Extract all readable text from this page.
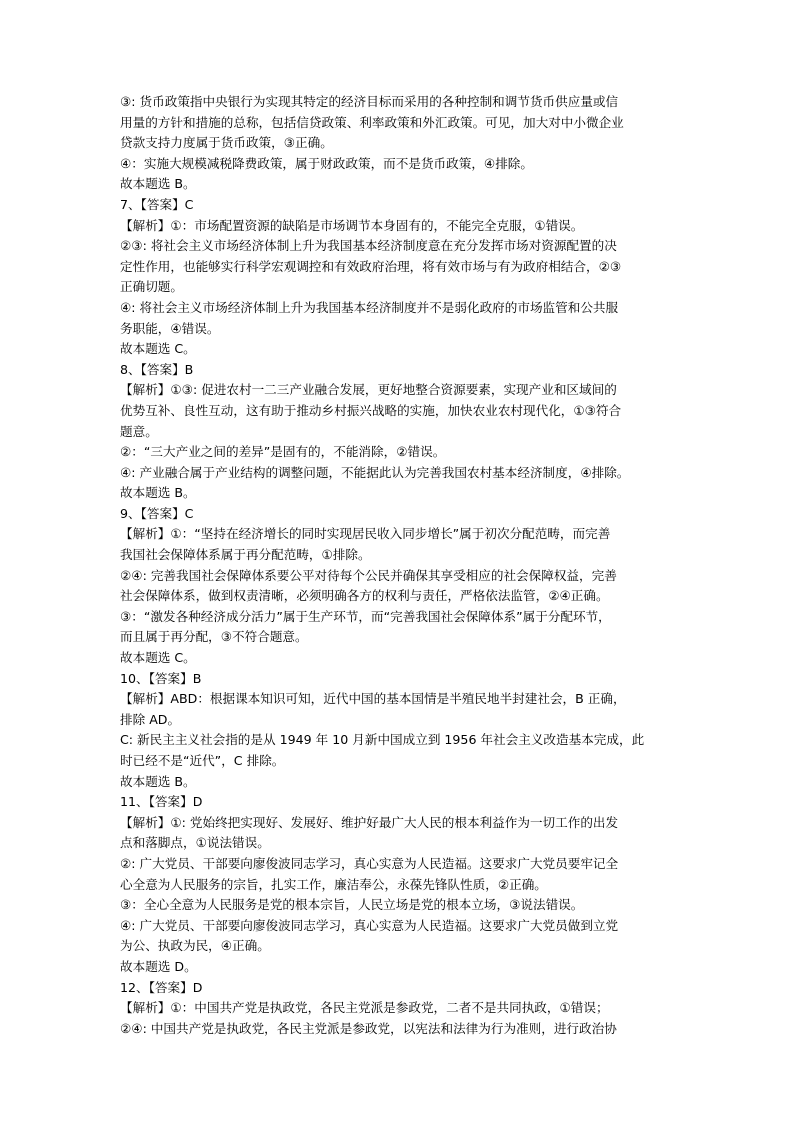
③: 货币政策指中央银行为实现其特定的经济目标而采用的各种控制和调节货币供应量或信
用量的方针和措施的总称，包括信贷政策、利率政策和外汇政策。可见，加大对中小微企业
贷款支持力度属于货币政策，③正确。
④：实施大规模减税降费政策，属于财政政策，而不是货币政策，④排除。
故本题选 B。
7、【答案】C
【解析】①：市场配置资源的缺陷是市场调节本身固有的，不能完全克服，①错误。
②③: 将社会主义市场经济体制上升为我国基本经济制度意在充分发挥市场对资源配置的决
定性作用，也能够实行科学宏观调控和有效政府治理，将有效市场与有为政府相结合，②③
正确切题。
④: 将社会主义市场经济体制上升为我国基本经济制度并不是弱化政府的市场监管和公共服
务职能，④错误。
故本题选 C。
8、【答案】B
【解析】①③: 促进农村一二三产业融合发展，更好地整合资源要素，实现产业和区域间的
优势互补、良性互动，这有助于推动乡村振兴战略的实施，加快农业农村现代化，①③符合
题意。
②：“三大产业之间的差异”是固有的，不能消除，②错误。
④: 产业融合属于产业结构的调整问题，不能据此认为完善我国农村基本经济制度，④排除。
故本题选 B。
9、【答案】C
【解析】①：“坚持在经济增长的同时实现居民收入同步增长”属于初次分配范畴，而完善
我国社会保障体系属于再分配范畴，①排除。
②④: 完善我国社会保障体系要公平对待每个公民并确保其享受相应的社会保障权益，完善
社会保障体系，做到权责清晰，必须明确各方的权利与责任，严格依法监管，②④正确。
③：“激发各种经济成分活力”属于生产环节，而“完善我国社会保障体系”属于分配环节，
而且属于再分配，③不符合题意。
故本题选 C。
10、【答案】B
【解析】ABD：根据课本知识可知，近代中国的基本国情是半殖民地半封建社会，B 正确，
排除 AD。
C: 新民主主义社会指的是从 1949 年 10 月新中国成立到 1956 年社会主义改造基本完成，此
时已经不是“近代”，C 排除。
故本题选 B。
11、【答案】D
【解析】①: 党始终把实现好、发展好、维护好最广大人民的根本利益作为一切工作的出发
点和落脚点，①说法错误。
②: 广大党员、干部要向廖俊波同志学习，真心实意为人民造福。这要求广大党员要牢记全
心全意为人民服务的宗旨，扎实工作，廉洁奉公，永葆先锋队性质，②正确。
③：全心全意为人民服务是党的根本宗旨，人民立场是党的根本立场，③说法错误。
④: 广大党员、干部要向廖俊波同志学习，真心实意为人民造福。这要求广大党员做到立党
为公、执政为民，④正确。
故本题选 D。
12、【答案】D
【解析】①：中国共产党是执政党，各民主党派是参政党，二者不是共同执政，①错误；
②④: 中国共产党是执政党，各民主党派是参政党，以宪法和法律为行为准则，进行政治协
